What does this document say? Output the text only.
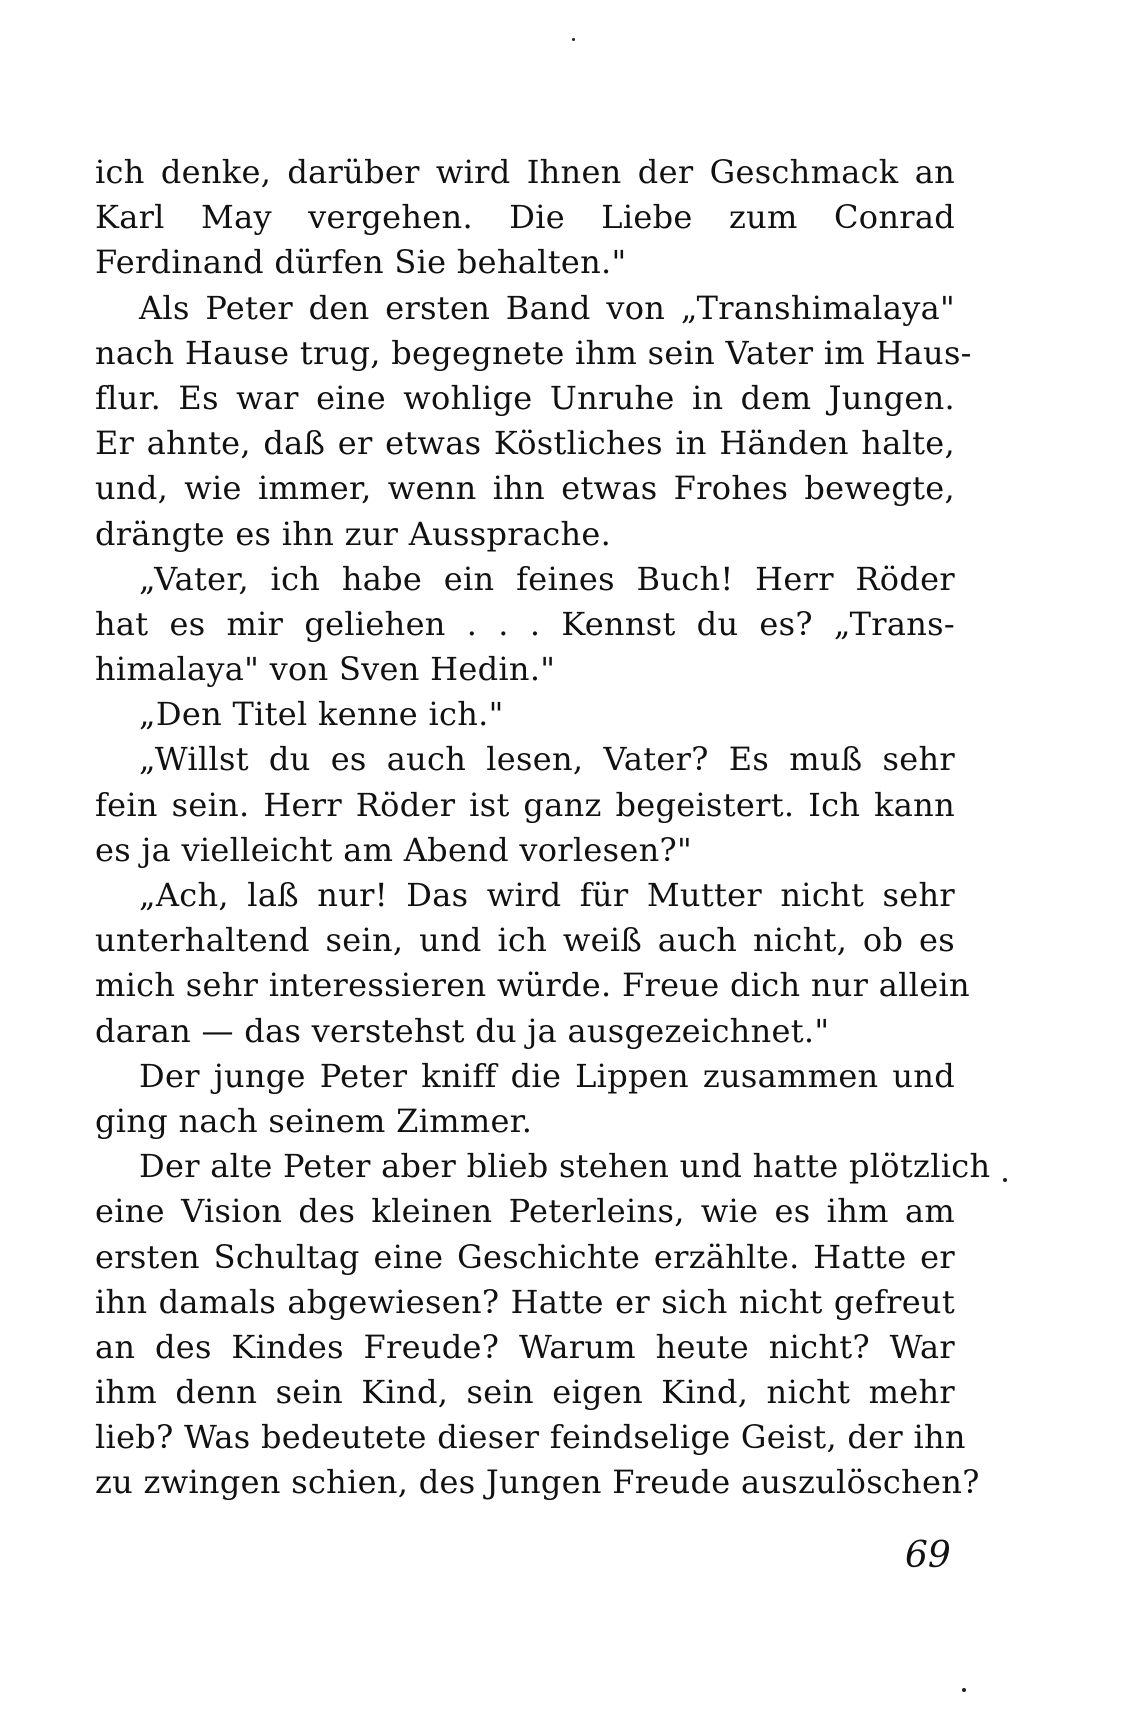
ich denke, darüber wird Ihnen der Geschmack an
Karl May vergehen. Die Liebe zum Conrad
Ferdinand dürfen Sie behalten."
Als Peter den ersten Band von „Transhimalaya"
nach Hause trug, begegnete ihm sein Vater im Haus-
flur. Es war eine wohlige Unruhe in dem Jungen.
Er ahnte, daß er etwas Köstliches in Händen halte,
und, wie immer, wenn ihn etwas Frohes bewegte,
drängte es ihn zur Aussprache.
„Vater, ich habe ein feines Buch! Herr Röder
hat es mir geliehen . . . Kennst du es? „Trans-
himalaya" von Sven Hedin."
„Den Titel kenne ich."
„Willst du es auch lesen, Vater? Es muß sehr
fein sein. Herr Röder ist ganz begeistert. Ich kann
es ja vielleicht am Abend vorlesen?"
„Ach, laß nur! Das wird für Mutter nicht sehr
unterhaltend sein, und ich weiß auch nicht, ob es
mich sehr interessieren würde. Freue dich nur allein
daran — das verstehst du ja ausgezeichnet."
Der junge Peter kniff die Lippen zusammen und
ging nach seinem Zimmer.
Der alte Peter aber blieb stehen und hatte plötzlich
eine Vision des kleinen Peterleins, wie es ihm am
ersten Schultag eine Geschichte erzählte. Hatte er
ihn damals abgewiesen? Hatte er sich nicht gefreut
an des Kindes Freude? Warum heute nicht? War
ihm denn sein Kind, sein eigen Kind, nicht mehr
lieb? Was bedeutete dieser feindselige Geist, der ihn
zu zwingen schien, des Jungen Freude auszulöschen?
69
